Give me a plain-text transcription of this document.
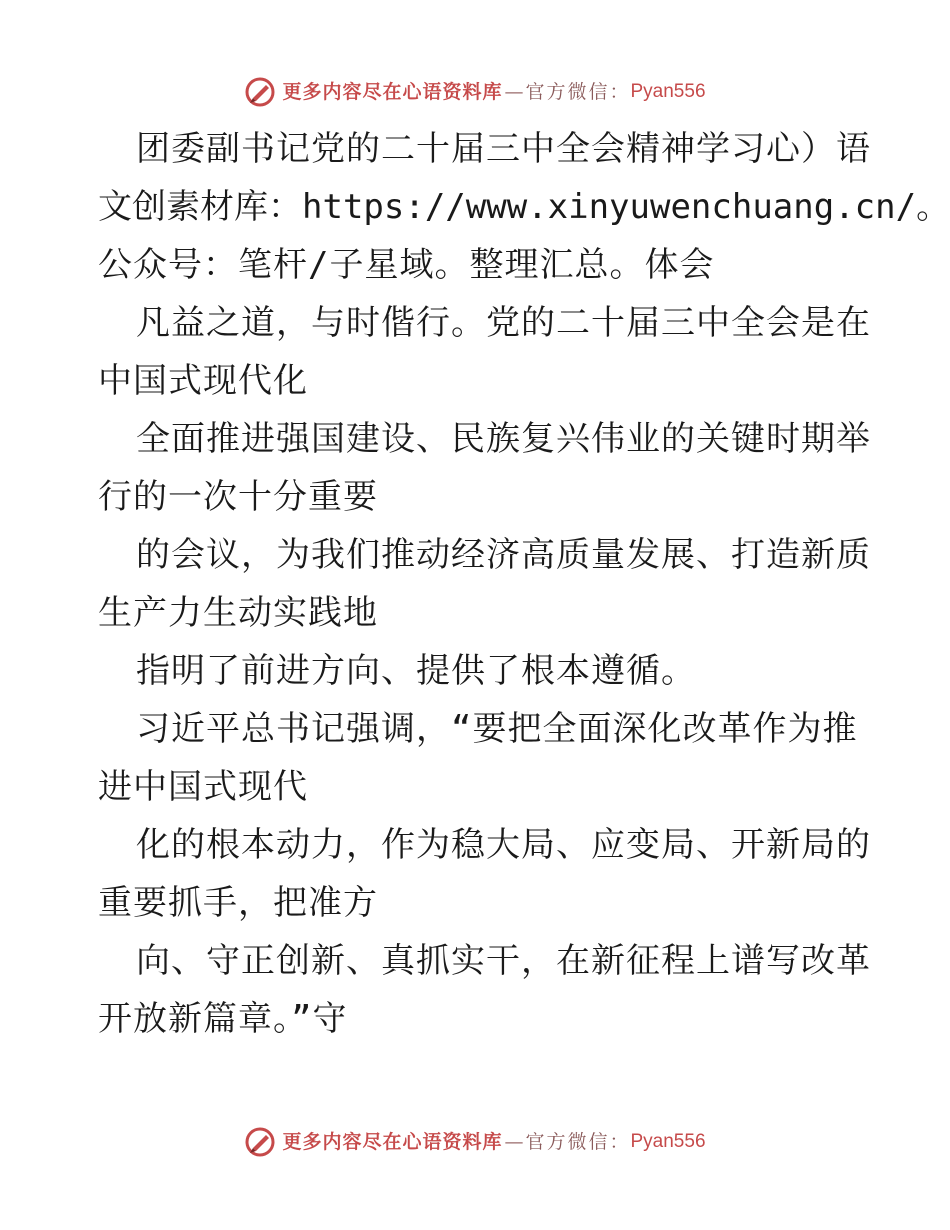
更多内容尽在心语资料库 — 官方微信： Pyan556
团委副书记党的二十届三中全会精神学习心）语
文创素材库：https://www.xinyuwenchuang.cn/。
公众号：笔杆/子星域。整理汇总。体会
凡益之道，与时偕行。党的二十届三中全会是在
中国式现代化
全面推进强国建设、民族复兴伟业的关键时期举
行的一次十分重要
的会议，为我们推动经济高质量发展、打造新质
生产力生动实践地
指明了前进方向、提供了根本遵循。
习近平总书记强调，“要把全面深化改革作为推
进中国式现代
化的根本动力，作为稳大局、应变局、开新局的
重要抓手，把准方
向、守正创新、真抓实干，在新征程上谱写改革
开放新篇章。”守
更多内容尽在心语资料库 — 官方微信： Pyan556
